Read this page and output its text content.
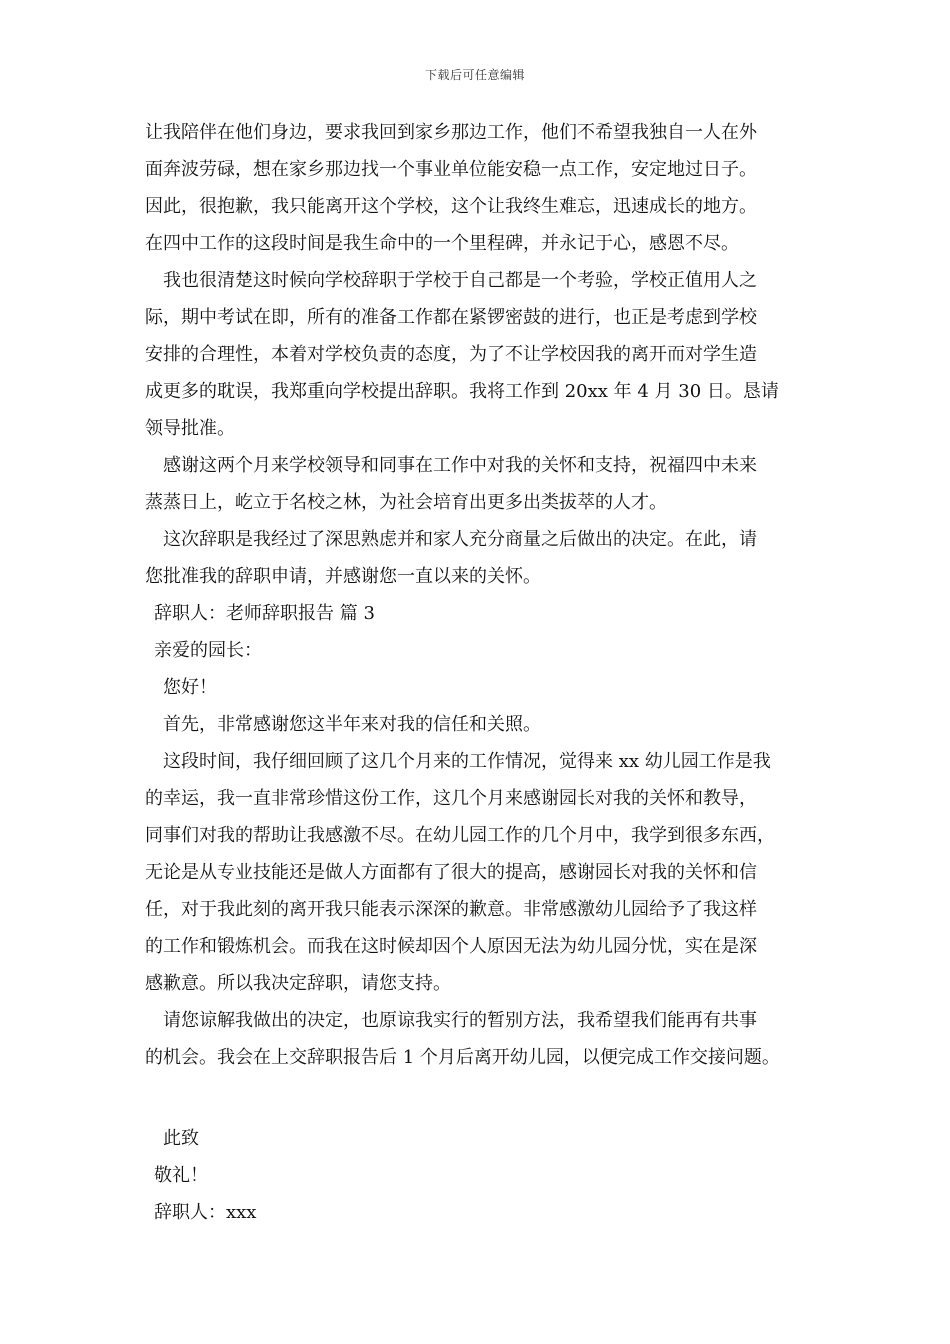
下载后可任意编辑
让我陪伴在他们身边，要求我回到家乡那边工作，他们不希望我独自一人在外
面奔波劳碌，想在家乡那边找一个事业单位能安稳一点工作，安定地过日子。
因此，很抱歉，我只能离开这个学校，这个让我终生难忘，迅速成长的地方。
在四中工作的这段时间是我生命中的一个里程碑，并永记于心，感恩不尽。
我也很清楚这时候向学校辞职于学校于自己都是一个考验，学校正值用人之
际，期中考试在即，所有的准备工作都在紧锣密鼓的进行，也正是考虑到学校
安排的合理性，本着对学校负责的态度，为了不让学校因我的离开而对学生造
成更多的耽误，我郑重向学校提出辞职。我将工作到 20xx 年 4 月 30 日。恳请
领导批准。
感谢这两个月来学校领导和同事在工作中对我的关怀和支持，祝福四中未来
蒸蒸日上，屹立于名校之林，为社会培育出更多出类拔萃的人才。
这次辞职是我经过了深思熟虑并和家人充分商量之后做出的决定。在此，请
您批准我的辞职申请，并感谢您一直以来的关怀。
辞职人：老师辞职报告 篇 3
亲爱的园长：
您好！
首先，非常感谢您这半年来对我的信任和关照。
这段时间，我仔细回顾了这几个月来的工作情况，觉得来 xx 幼儿园工作是我
的幸运，我一直非常珍惜这份工作，这几个月来感谢园长对我的关怀和教导，
同事们对我的帮助让我感激不尽。在幼儿园工作的几个月中，我学到很多东西，
无论是从专业技能还是做人方面都有了很大的提高，感谢园长对我的关怀和信
任，对于我此刻的离开我只能表示深深的歉意。非常感激幼儿园给予了我这样
的工作和锻炼机会。而我在这时候却因个人原因无法为幼儿园分忧，实在是深
感歉意。所以我决定辞职，请您支持。
请您谅解我做出的决定，也原谅我实行的暂别方法，我希望我们能再有共事
的机会。我会在上交辞职报告后 1 个月后离开幼儿园，以便完成工作交接问题。
此致
敬礼！
辞职人：xxx
